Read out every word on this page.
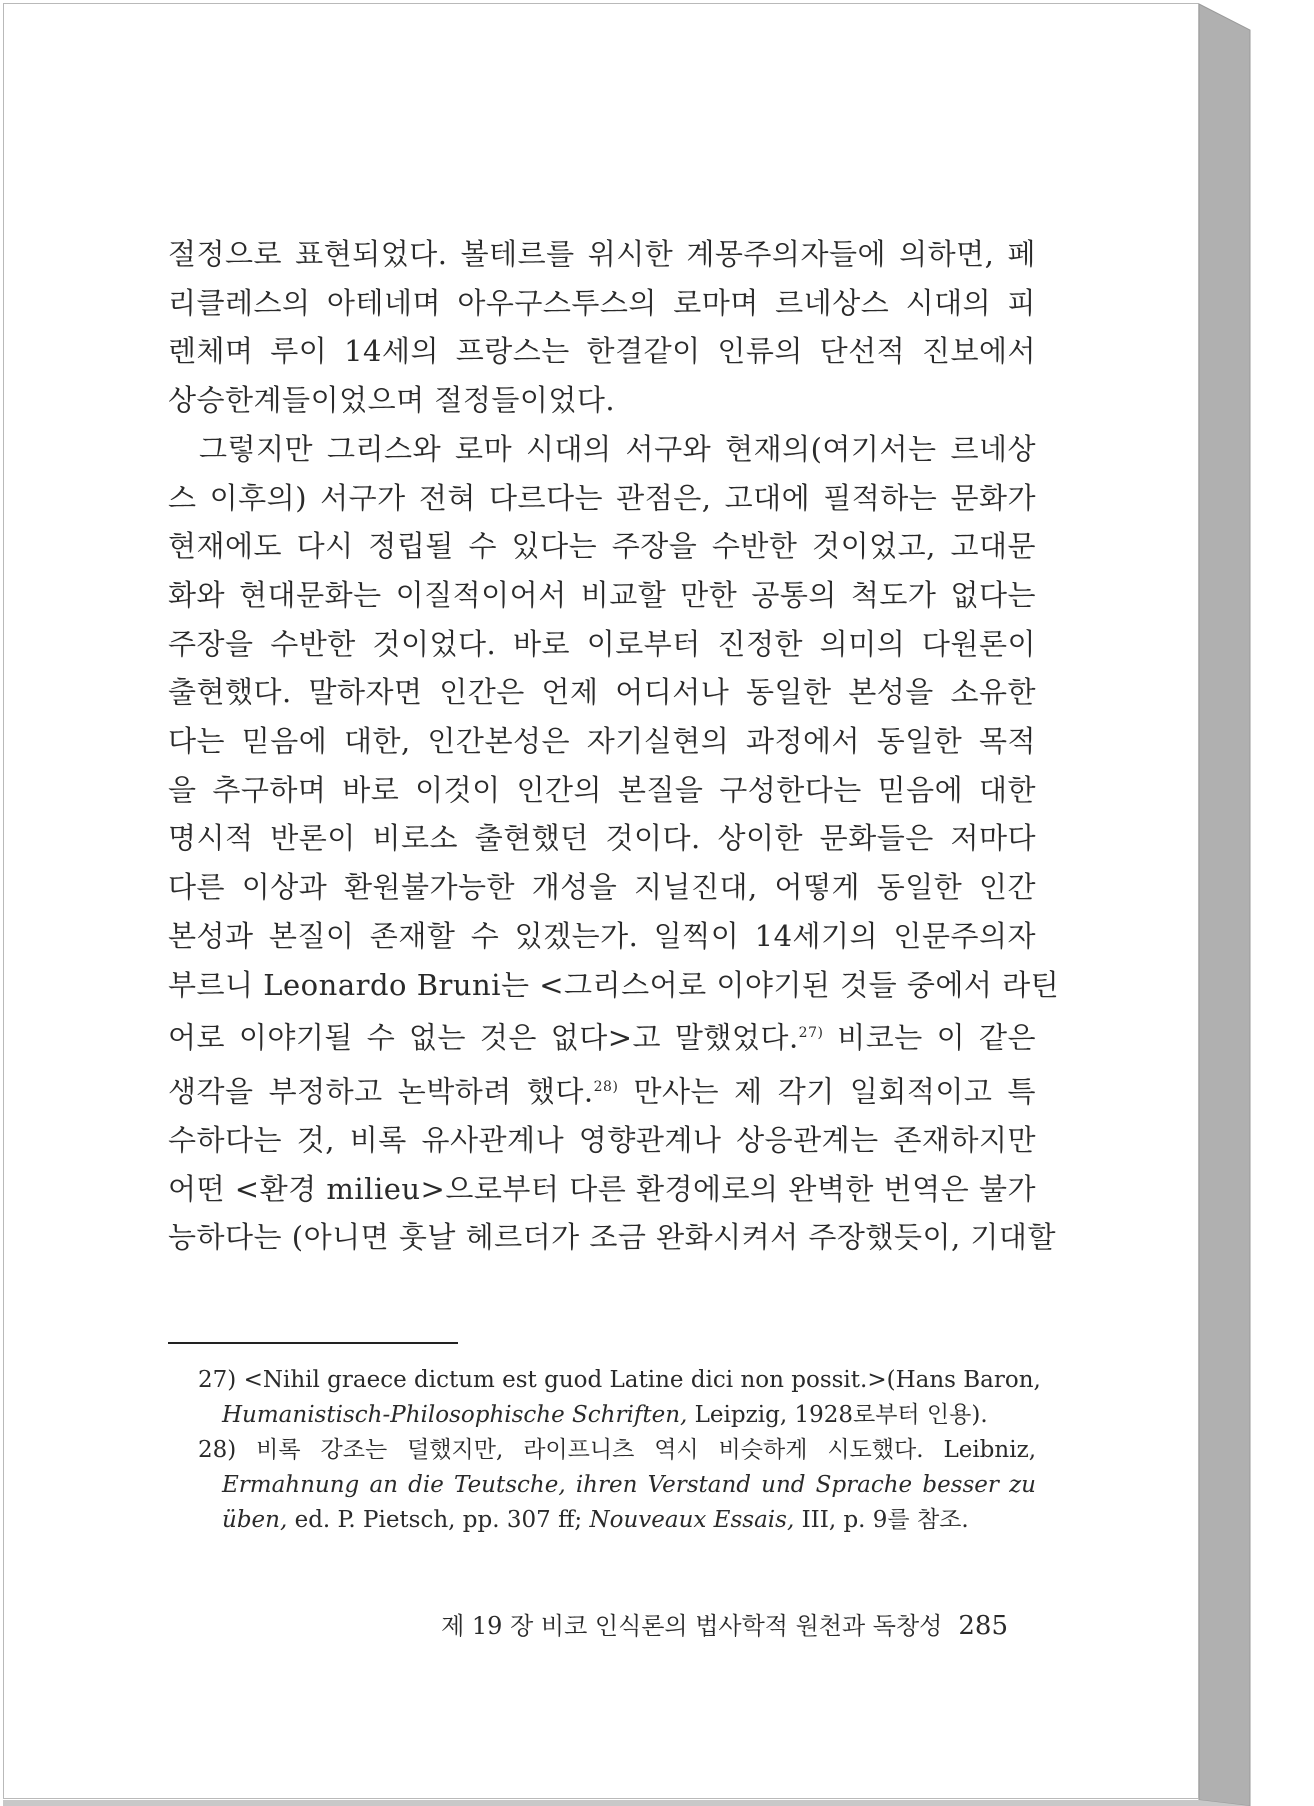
절정으로 표현되었다. 볼테르를 위시한 계몽주의자들에 의하면, 페

리클레스의 아테네며 아우구스투스의 로마며 르네상스 시대의 피

렌체며 루이 14세의 프랑스는 한결같이 인류의 단선적 진보에서

상승한계들이었으며 절정들이었다.

그렇지만 그리스와 로마 시대의 서구와 현재의(여기서는 르네상

스 이후의) 서구가 전혀 다르다는 관점은, 고대에 필적하는 문화가

현재에도 다시 정립될 수 있다는 주장을 수반한 것이었고, 고대문

화와 현대문화는 이질적이어서 비교할 만한 공통의 척도가 없다는

주장을 수반한 것이었다. 바로 이로부터 진정한 의미의 다원론이

출현했다. 말하자면 인간은 언제 어디서나 동일한 본성을 소유한

다는 믿음에 대한, 인간본성은 자기실현의 과정에서 동일한 목적

을 추구하며 바로 이것이 인간의 본질을 구성한다는 믿음에 대한

명시적 반론이 비로소 출현했던 것이다. 상이한 문화들은 저마다

다른 이상과 환원불가능한 개성을 지닐진대, 어떻게 동일한 인간

본성과 본질이 존재할 수 있겠는가. 일찍이 14세기의 인문주의자

부르니 Leonardo Bruni는 <그리스어로 이야기된 것들 중에서 라틴

어로 이야기될 수 없는 것은 없다>고 말했었다.$^{27)}$ 비코는 이 같은

생각을 부정하고 논박하려 했다.$^{28)}$ 만사는 제 각기 일회적이고 특

수하다는 것, 비록 유사관계나 영향관계나 상응관계는 존재하지만

어떤 <환경 milieu>으로부터 다른 환경에로의 완벽한 번역은 불가

능하다는 (아니면 훗날 헤르더가 조금 완화시켜서 주장했듯이, 기대할

27) <Nihil graece dictum est guod Latine dici non possit.>(Hans Baron,
Humanistisch-Philosophische Schriften, Leipzig, 1928로부터 인용).
28) 비록 강조는 덜했지만, 라이프니츠 역시 비슷하게 시도했다. Leibniz,
Ermahnung an die Teutsche, ihren Verstand und Sprache besser zu
üben, ed. P. Pietsch, pp. 307 ff; Nouveaux Essais, III, p. 9를 참조.
제 19 장 비코 인식론의 법사학적 원천과 독창성 285
